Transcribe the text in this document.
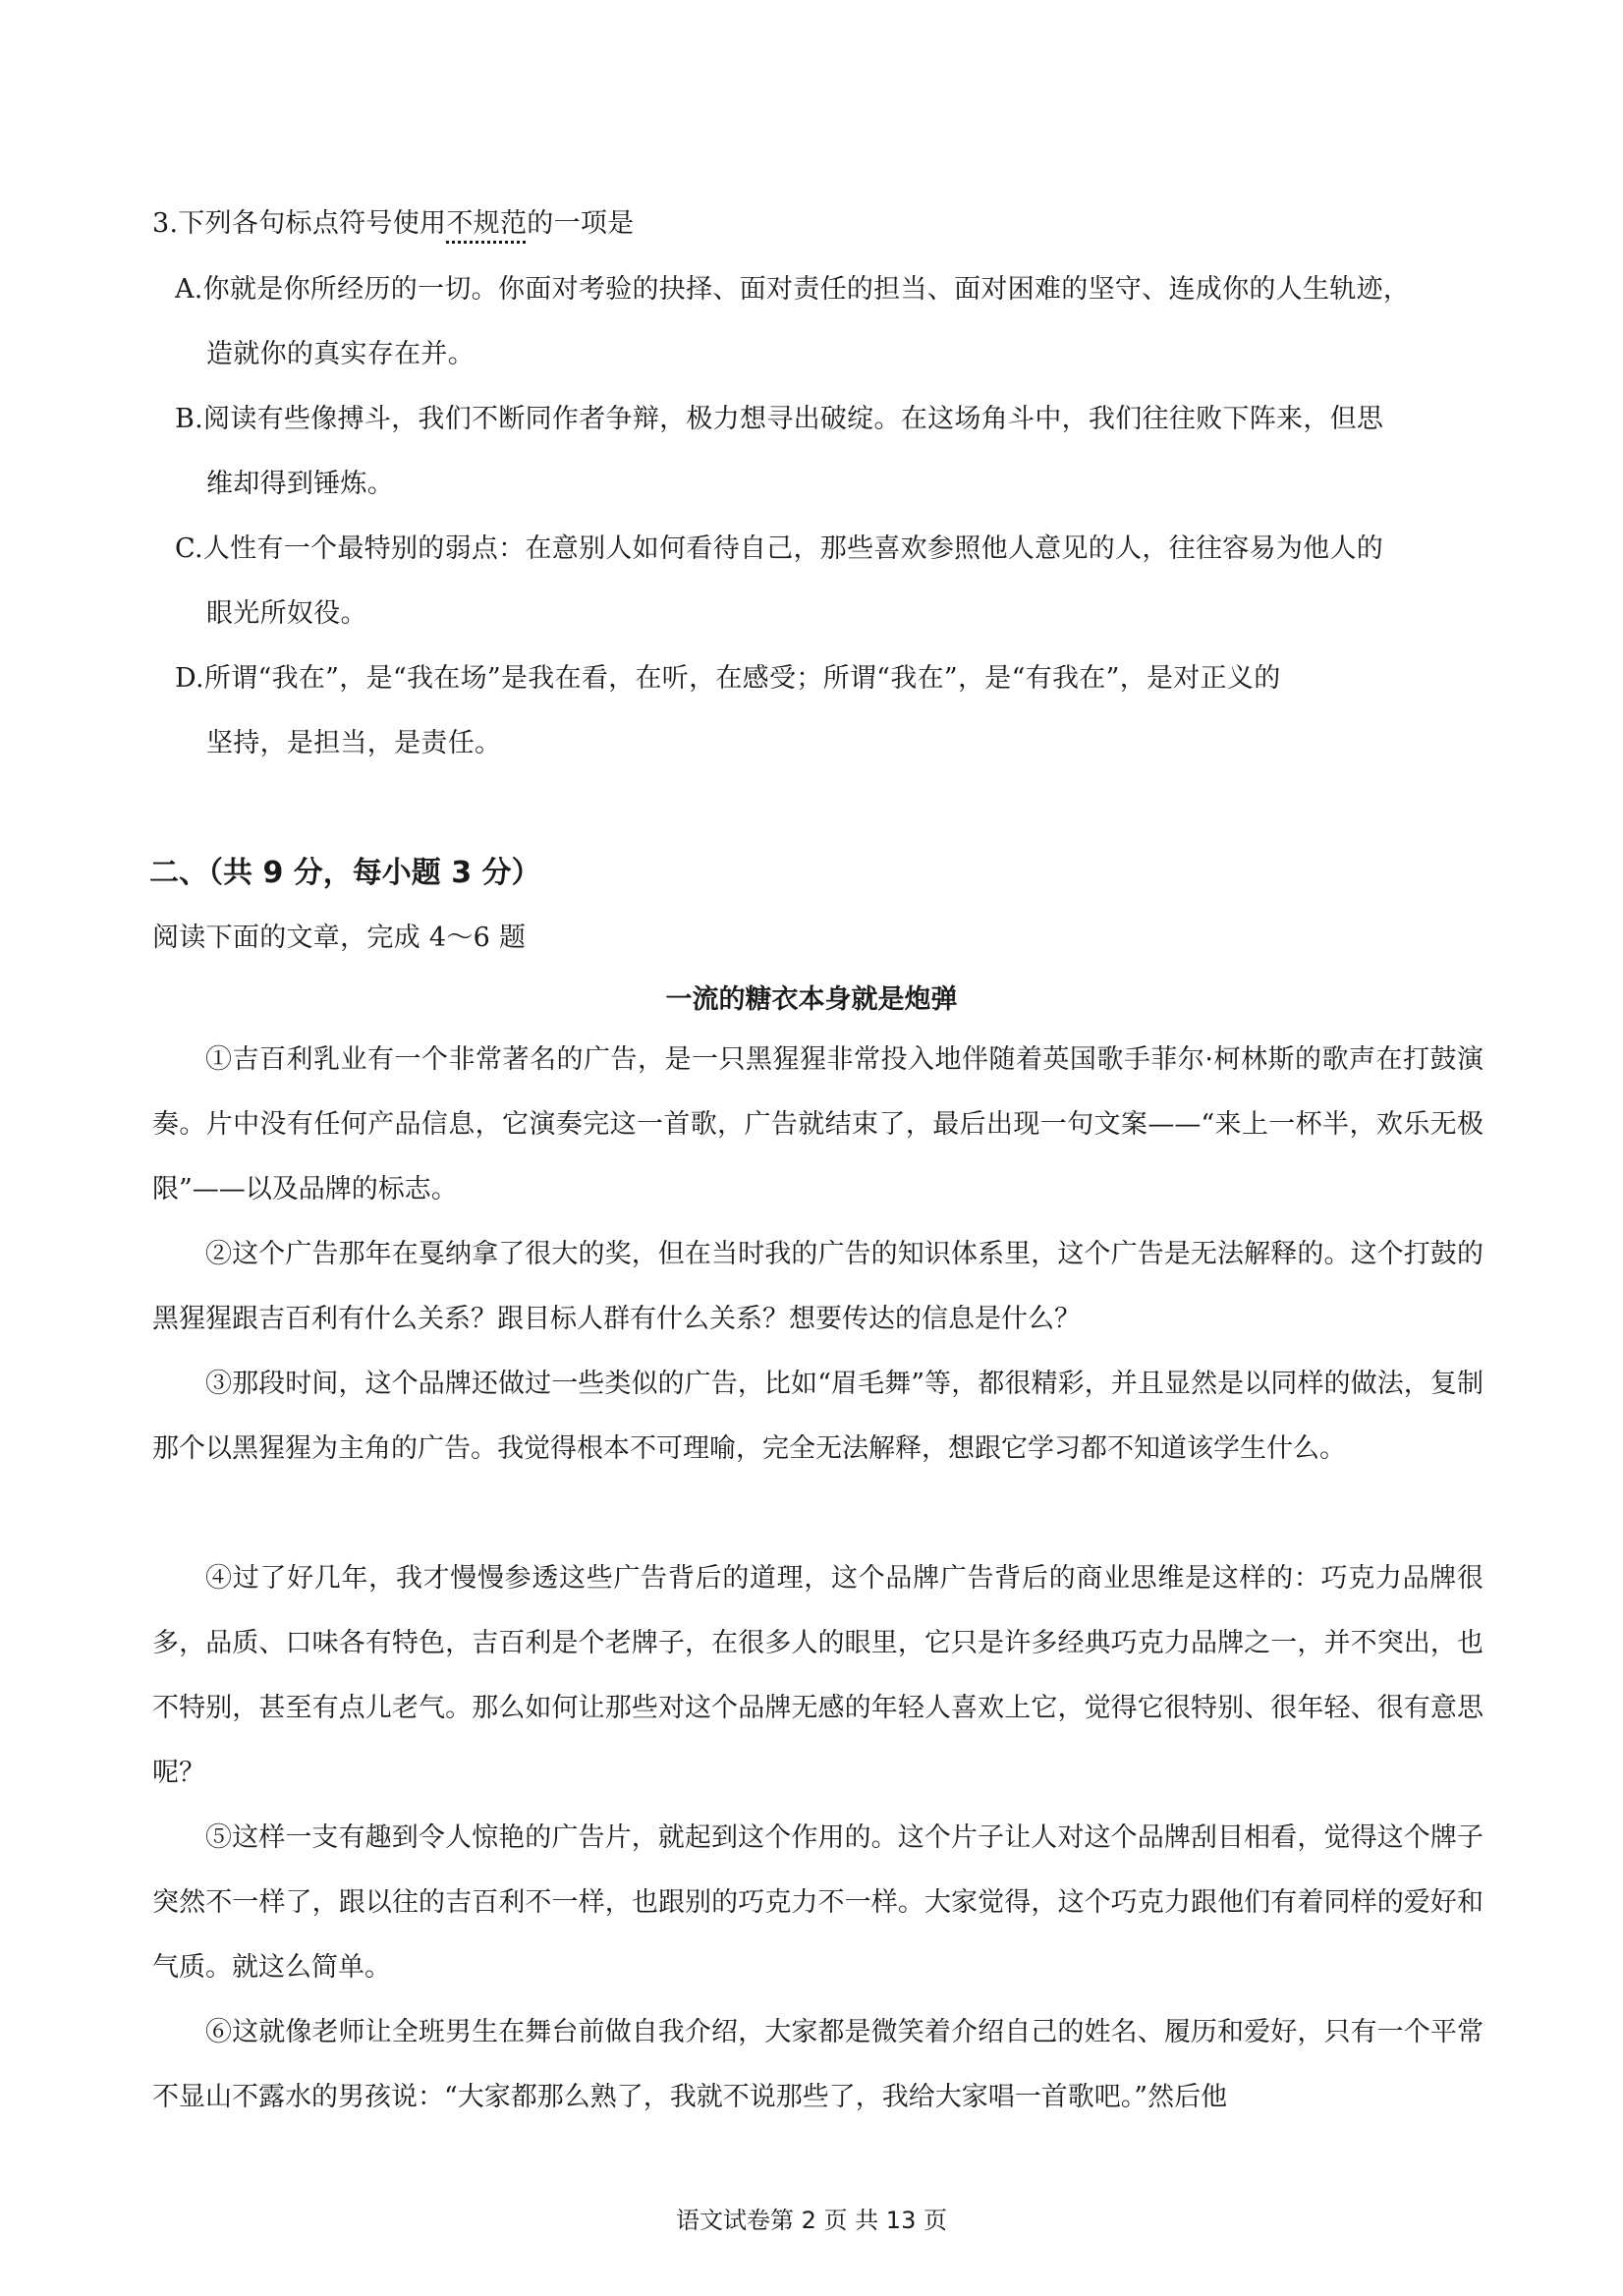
3.下列各句标点符号使用不规范的一项是
A.你就是你所经历的一切。你面对考验的抉择、面对责任的担当、面对困难的坚守、连成你的人生轨迹，
造就你的真实存在并。
B.阅读有些像搏斗，我们不断同作者争辩，极力想寻出破绽。在这场角斗中，我们往往败下阵来，但思
维却得到锤炼。
C.人性有一个最特别的弱点：在意别人如何看待自己，那些喜欢参照他人意见的人，往往容易为他人的
眼光所奴役。
D.所谓“我在”，是“我在场”是我在看，在听，在感受；所谓“我在”，是“有我在”，是对正义的
坚持，是担当，是责任。
二、（共 9 分，每小题 3 分）
阅读下面的文章，完成 4～6 题
一流的糖衣本身就是炮弹
①吉百利乳业有一个非常著名的广告，是一只黑猩猩非常投入地伴随着英国歌手菲尔·柯林斯的歌声在打鼓演奏。片中没有任何产品信息，它演奏完这一首歌，广告就结束了，最后出现一句文案——“来上一杯半，欢乐无极限”——以及品牌的标志。
②这个广告那年在戛纳拿了很大的奖，但在当时我的广告的知识体系里，这个广告是无法解释的。这个打鼓的黑猩猩跟吉百利有什么关系？跟目标人群有什么关系？想要传达的信息是什么？
③那段时间，这个品牌还做过一些类似的广告，比如“眉毛舞”等，都很精彩，并且显然是以同样的做法，复制那个以黑猩猩为主角的广告。我觉得根本不可理喻，完全无法解释，想跟它学习都不知道该学生什么。
④过了好几年，我才慢慢参透这些广告背后的道理，这个品牌广告背后的商业思维是这样的：巧克力品牌很多，品质、口味各有特色，吉百利是个老牌子，在很多人的眼里，它只是许多经典巧克力品牌之一，并不突出，也不特别，甚至有点儿老气。那么如何让那些对这个品牌无感的年轻人喜欢上它，觉得它很特别、很年轻、很有意思呢？
⑤这样一支有趣到令人惊艳的广告片，就起到这个作用的。这个片子让人对这个品牌刮目相看，觉得这个牌子突然不一样了，跟以往的吉百利不一样，也跟别的巧克力不一样。大家觉得，这个巧克力跟他们有着同样的爱好和气质。就这么简单。
⑥这就像老师让全班男生在舞台前做自我介绍，大家都是微笑着介绍自己的姓名、履历和爱好，只有一个平常不显山不露水的男孩说：“大家都那么熟了，我就不说那些了，我给大家唱一首歌吧。”然后他
语文试卷第 2 页 共 13 页
